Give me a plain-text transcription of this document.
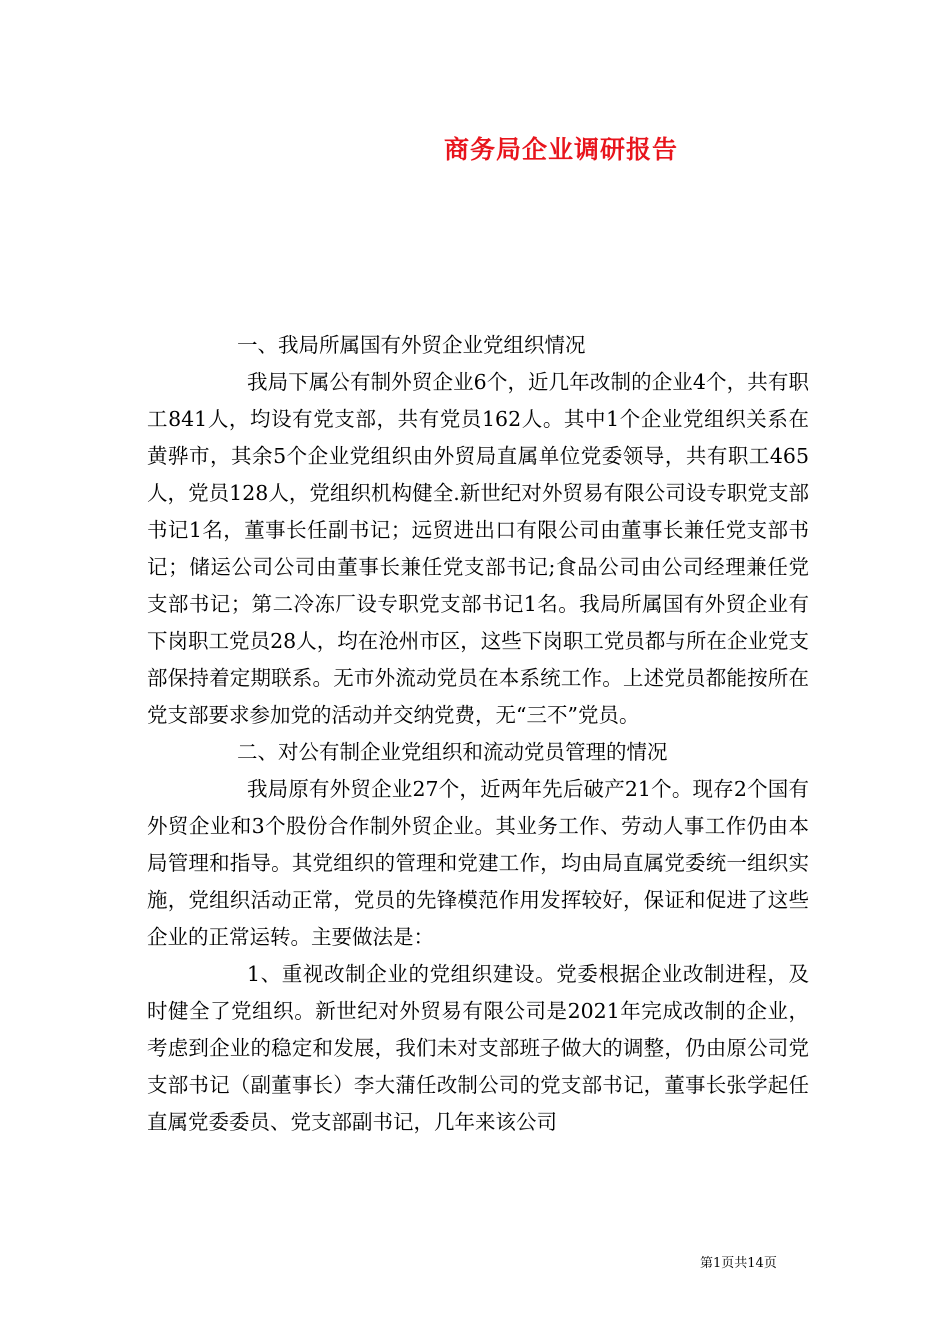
商务局企业调研报告

一、我局所属国有外贸企业党组织情况

我局下属公有制外贸企业6个，近几年改制的企业4个，共有职工841人，均设有党支部，共有党员162人。其中1个企业党组织关系在黄骅市，其余5个企业党组织由外贸局直属单位党委领导，共有职工465人，党员128人，党组织机构健全.新世纪对外贸易有限公司设专职党支部书记1名，董事长任副书记；远贸进出口有限公司由董事长兼任党支部书记；储运公司公司由董事长兼任党支部书记;食品公司由公司经理兼任党支部书记；第二冷冻厂设专职党支部书记1名。我局所属国有外贸企业有下岗职工党员28人，均在沧州市区，这些下岗职工党员都与所在企业党支部保持着定期联系。无市外流动党员在本系统工作。上述党员都能按所在党支部要求参加党的活动并交纳党费，无“三不”党员。

二、对公有制企业党组织和流动党员管理的情况

我局原有外贸企业27个，近两年先后破产21个。现存2个国有外贸企业和3个股份合作制外贸企业。其业务工作、劳动人事工作仍由本局管理和指导。其党组织的管理和党建工作，均由局直属党委统一组织实施，党组织活动正常，党员的先锋模范作用发挥较好，保证和促进了这些企业的正常运转。主要做法是：

1、重视改制企业的党组织建设。党委根据企业改制进程，及时健全了党组织。新世纪对外贸易有限公司是2021年完成改制的企业，考虑到企业的稳定和发展，我们未对支部班子做大的调整，仍由原公司党支部书记（副董事长）李大蒲任改制公司的党支部书记，董事长张学起任直属党委委员、党支部副书记，几年来该公司

第1页共14页
